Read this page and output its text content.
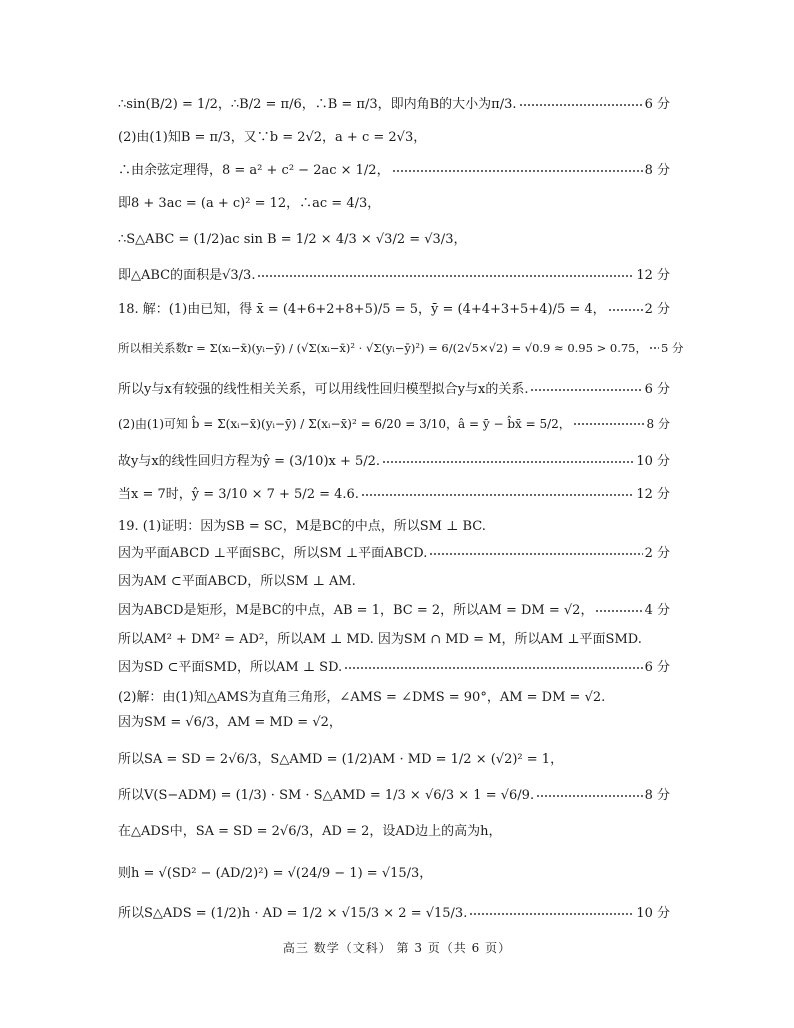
∴sin(B/2) = 1/2，∴B/2 = π/6，∴B = π/3，即内角B的大小为π/3.	6 分
(2)由(1)知B = π/3，又∵b = 2√2，a + c = 2√3，
∴由余弦定理得，8 = a² + c² − 2ac × 1/2，	8 分
即8 + 3ac = (a + c)² = 12，∴ac = 4/3，
∴S△ABC = (1/2)ac sin B = 1/2 × 4/3 × √3/2 = √3/3，
即△ABC的面积是√3/3.	12 分
18. 解：(1)由已知，得 x̄ = (4+6+2+8+5)/5 = 5，ȳ = (4+4+3+5+4)/5 = 4，	2 分
所以相关系数r = Σ(xᵢ−x̄)(yᵢ−ȳ) / (√Σ(xᵢ−x̄)² · √Σ(yᵢ−ȳ)²) = 6/(2√5×√2) = √0.9 ≈ 0.95 > 0.75， 5 分
所以y与x有较强的线性相关关系，可以用线性回归模型拟合y与x的关系.	6 分
(2)由(1)可知 b̂ = Σ(xᵢ−x̄)(yᵢ−ȳ) / Σ(xᵢ−x̄)² = 6/20 = 3/10，â = ȳ − b̂x̄ = 5/2，	8 分
故y与x的线性回归方程为ŷ = (3/10)x + 5/2.	10 分
当x = 7时，ŷ = 3/10 × 7 + 5/2 = 4.6.	12 分
19. (1)证明：因为SB = SC，M是BC的中点，所以SM ⊥ BC.
因为平面ABCD ⊥平面SBC，所以SM ⊥平面ABCD.	2 分
因为AM ⊂平面ABCD，所以SM ⊥ AM.
因为ABCD是矩形，M是BC的中点，AB = 1，BC = 2，所以AM = DM = √2，	4 分
所以AM² + DM² = AD²，所以AM ⊥ MD. 因为SM ∩ MD = M，所以AM ⊥平面SMD.
因为SD ⊂平面SMD，所以AM ⊥ SD.	6 分
(2)解：由(1)知△AMS为直角三角形，∠AMS = ∠DMS = 90°，AM = DM = √2.
因为SM = √6/3，AM = MD = √2，
所以SA = SD = 2√6/3，S△AMD = (1/2)AM · MD = 1/2 × (√2)² = 1，
所以V(S−ADM) = (1/3) · SM · S△AMD = 1/3 × √6/3 × 1 = √6/9.	8 分
在△ADS中，SA = SD = 2√6/3，AD = 2，设AD边上的高为h，
则h = √(SD² − (AD/2)²) = √(24/9 − 1) = √15/3，
所以S△ADS = (1/2)h · AD = 1/2 × √15/3 × 2 = √15/3.	10 分
高三 数学（文科） 第 3 页（共 6 页）
